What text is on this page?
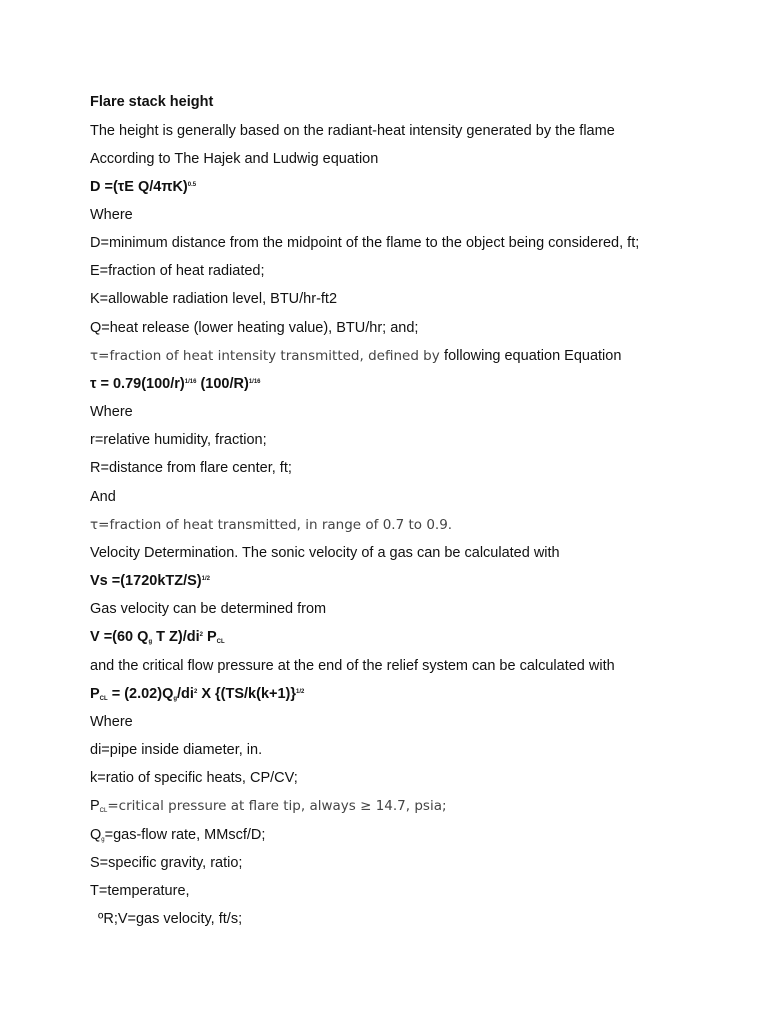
Flare stack height
The height is generally based on the radiant-heat intensity generated by the flame
According to The Hajek and Ludwig equation
D =(τE Q/4πK)$^{0.5}$
Where
D=minimum distance from the midpoint of the flame to the object being considered, ft;
E=fraction of heat radiated;
K=allowable radiation level, BTU/hr-ft2
Q=heat release (lower heating value), BTU/hr; and;
τ=fraction of heat intensity transmitted, defined by following equation Equation
$\tau = 0.79(100/r)^{1/16}$ $(100/R)^{1/16}$
Where
r=relative humidity, fraction;
R=distance from flare center, ft;
And
τ=fraction of heat transmitted, in range of 0.7 to 0.9.
Velocity Determination. The sonic velocity of a gas can be calculated with
$Vs =(1720kTZ/S)^{1/2}$
Gas velocity can be determined from
V =(60 $Q_g$ T $Z)/di^2$ $P_{CL}$
and the critical flow pressure at the end of the relief system can be calculated with
$P_{CL} = (2.02)Q_g/di^2$ X {$(TS/k(k+1)\}^{1/2}$
Where
di=pipe inside diameter, in.
k=ratio of specific heats, CP/CV;
$P_{CL}=critical$ pressure at flare tip, always ≥ 14.7, psia;
$Q_g=gas$-flow rate, MMscf/D;
S=specific gravity, ratio;
T=temperature,
ºR;V=gas velocity, ft/s;
